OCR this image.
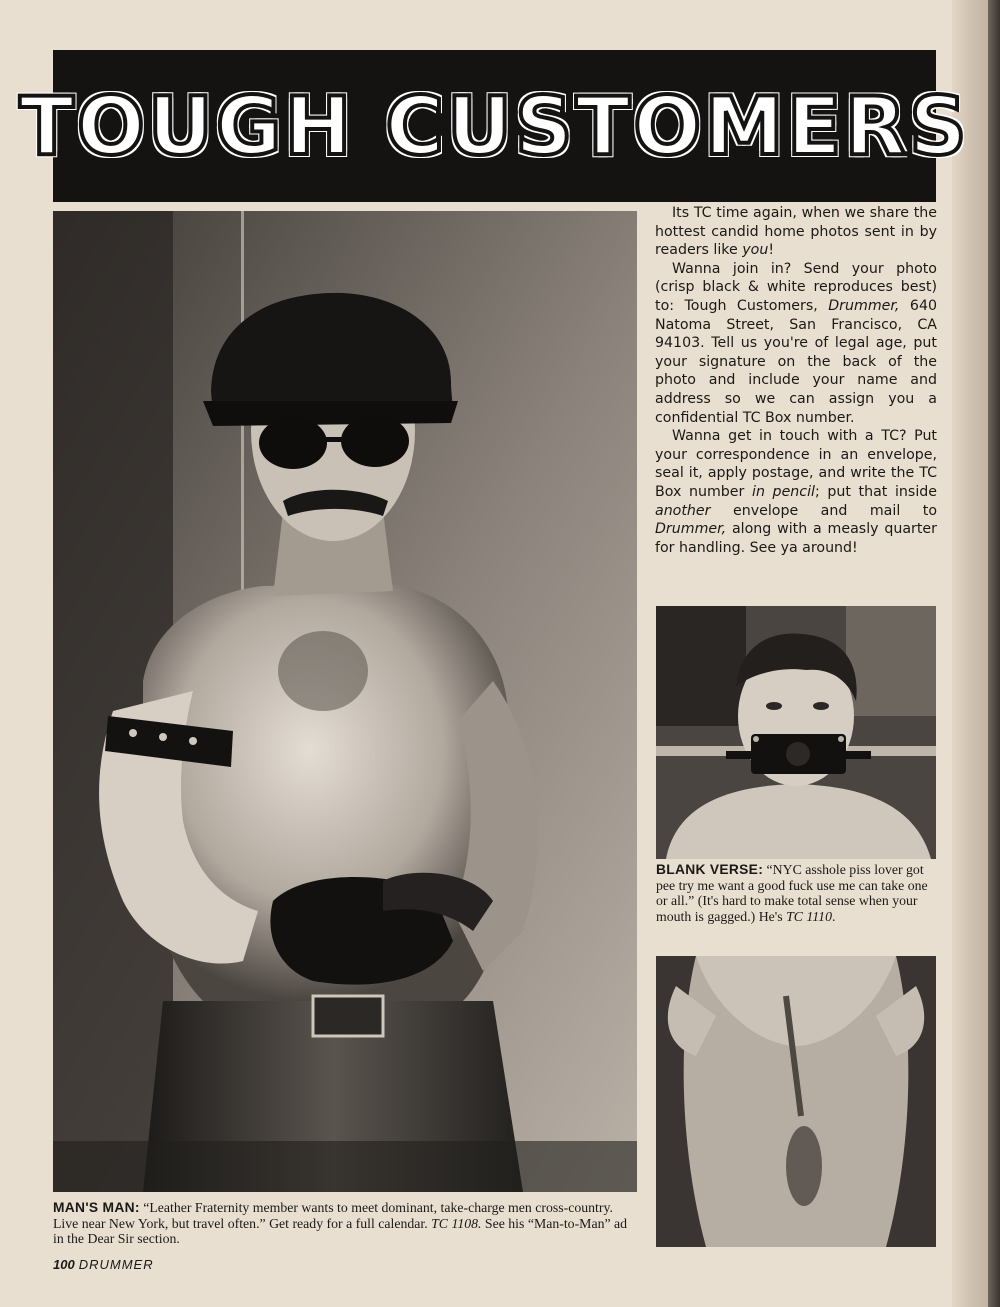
TOUGH CUSTOMERS

Its TC time again, when we share the hottest candid home photos sent in by readers like you!

Wanna join in? Send your photo (crisp black & white reproduces best) to: Tough Customers, Drummer, 640 Natoma Street, San Francisco, CA 94103. Tell us you're of legal age, put your signature on the back of the photo and include your name and address so we can assign you a confidential TC Box number.

Wanna get in touch with a TC? Put your correspondence in an envelope, seal it, apply postage, and write the TC Box number in pencil; put that inside another envelope and mail to Drummer, along with a measly quarter for handling. See ya around!

BLANK VERSE: “NYC asshole piss lover got pee try me want a good fuck use me can take one or all.” (It's hard to make total sense when your mouth is gagged.) He's TC 1110.
MAN'S MAN: “Leather Fraternity member wants to meet dominant, take-charge men cross-country. Live near New York, but travel often.” Get ready for a full calendar. TC 1108. See his “Man-to-Man” ad in the Dear Sir section.
100 DRUMMER
